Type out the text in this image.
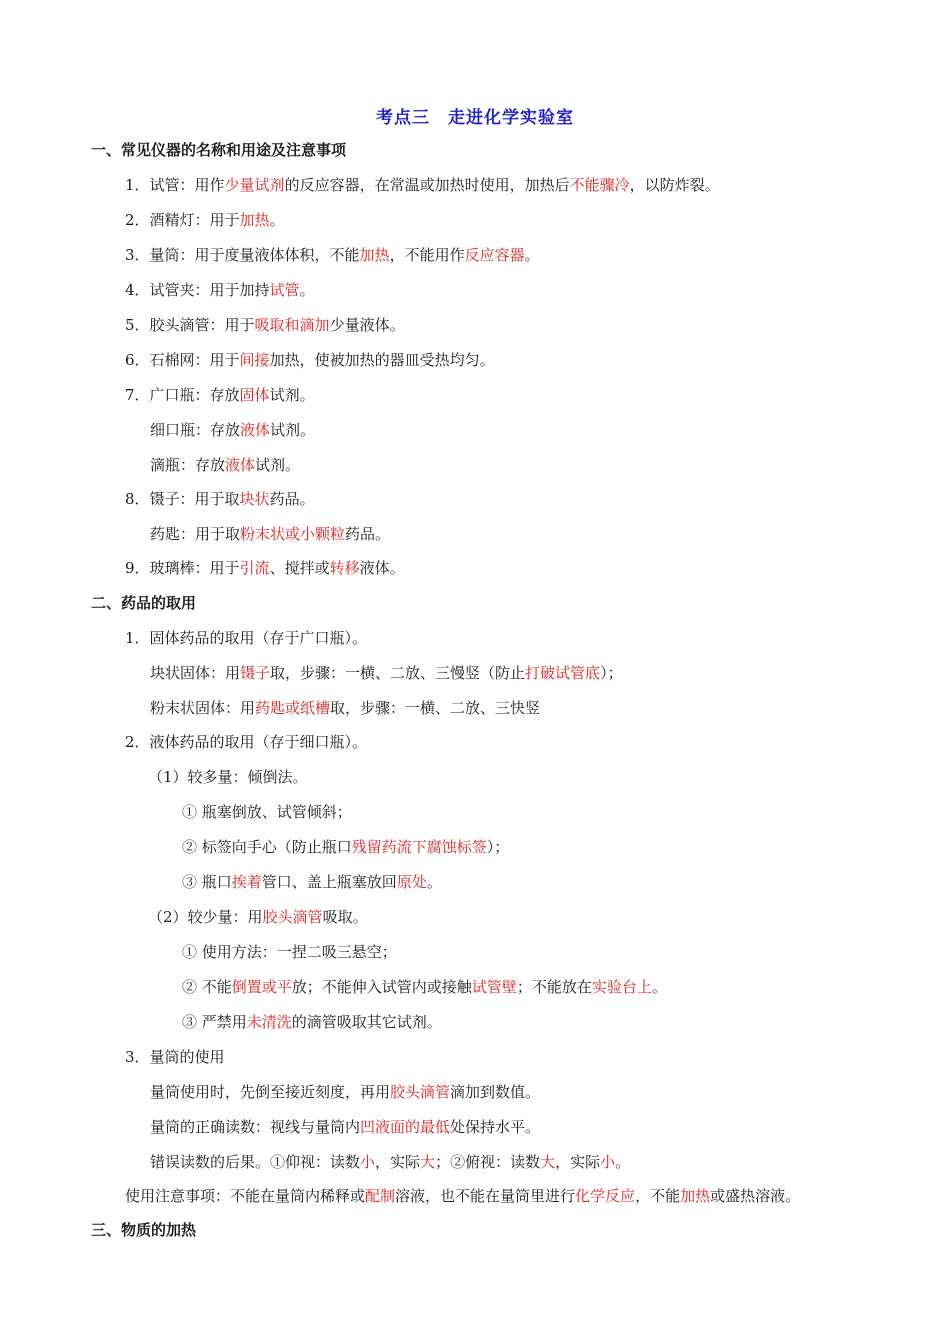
考点三　走进化学实验室
一、常见仪器的名称和用途及注意事项
1．试管：用作少量试剂的反应容器，在常温或加热时使用，加热后不能骤冷，以防炸裂。
2．酒精灯：用于加热。
3．量筒：用于度量液体体积，不能加热，不能用作反应容器。
4．试管夹：用于加持试管。
5．胶头滴管：用于吸取和滴加少量液体。
6．石棉网：用于间接加热，使被加热的器皿受热均匀。
7．广口瓶：存放固体试剂。
细口瓶：存放液体试剂。
滴瓶：存放液体试剂。
8．镊子：用于取块状药品。
药匙：用于取粉末状或小颗粒药品。
9．玻璃棒：用于引流、搅拌或转移液体。
二、药品的取用
1．固体药品的取用（存于广口瓶）。
块状固体：用镊子取，步骤：一横、二放、三慢竖（防止打破试管底）；
粉末状固体：用药匙或纸槽取，步骤：一横、二放、三快竖
2．液体药品的取用（存于细口瓶）。
（1）较多量：倾倒法。
① 瓶塞倒放、试管倾斜；
② 标签向手心（防止瓶口残留药流下腐蚀标签）；
③ 瓶口挨着管口、盖上瓶塞放回原处。
（2）较少量：用胶头滴管吸取。
① 使用方法：一捏二吸三悬空；
② 不能倒置或平放；不能伸入试管内或接触试管壁；不能放在实验台上。
③ 严禁用未清洗的滴管吸取其它试剂。
3．量筒的使用
量筒使用时，先倒至接近刻度，再用胶头滴管滴加到数值。
量筒的正确读数：视线与量筒内凹液面的最低处保持水平。
错误读数的后果。①仰视：读数小，实际大；②俯视：读数大，实际小。
使用注意事项：不能在量筒内稀释或配制溶液，也不能在量筒里进行化学反应，不能加热或盛热溶液。
三、物质的加热
